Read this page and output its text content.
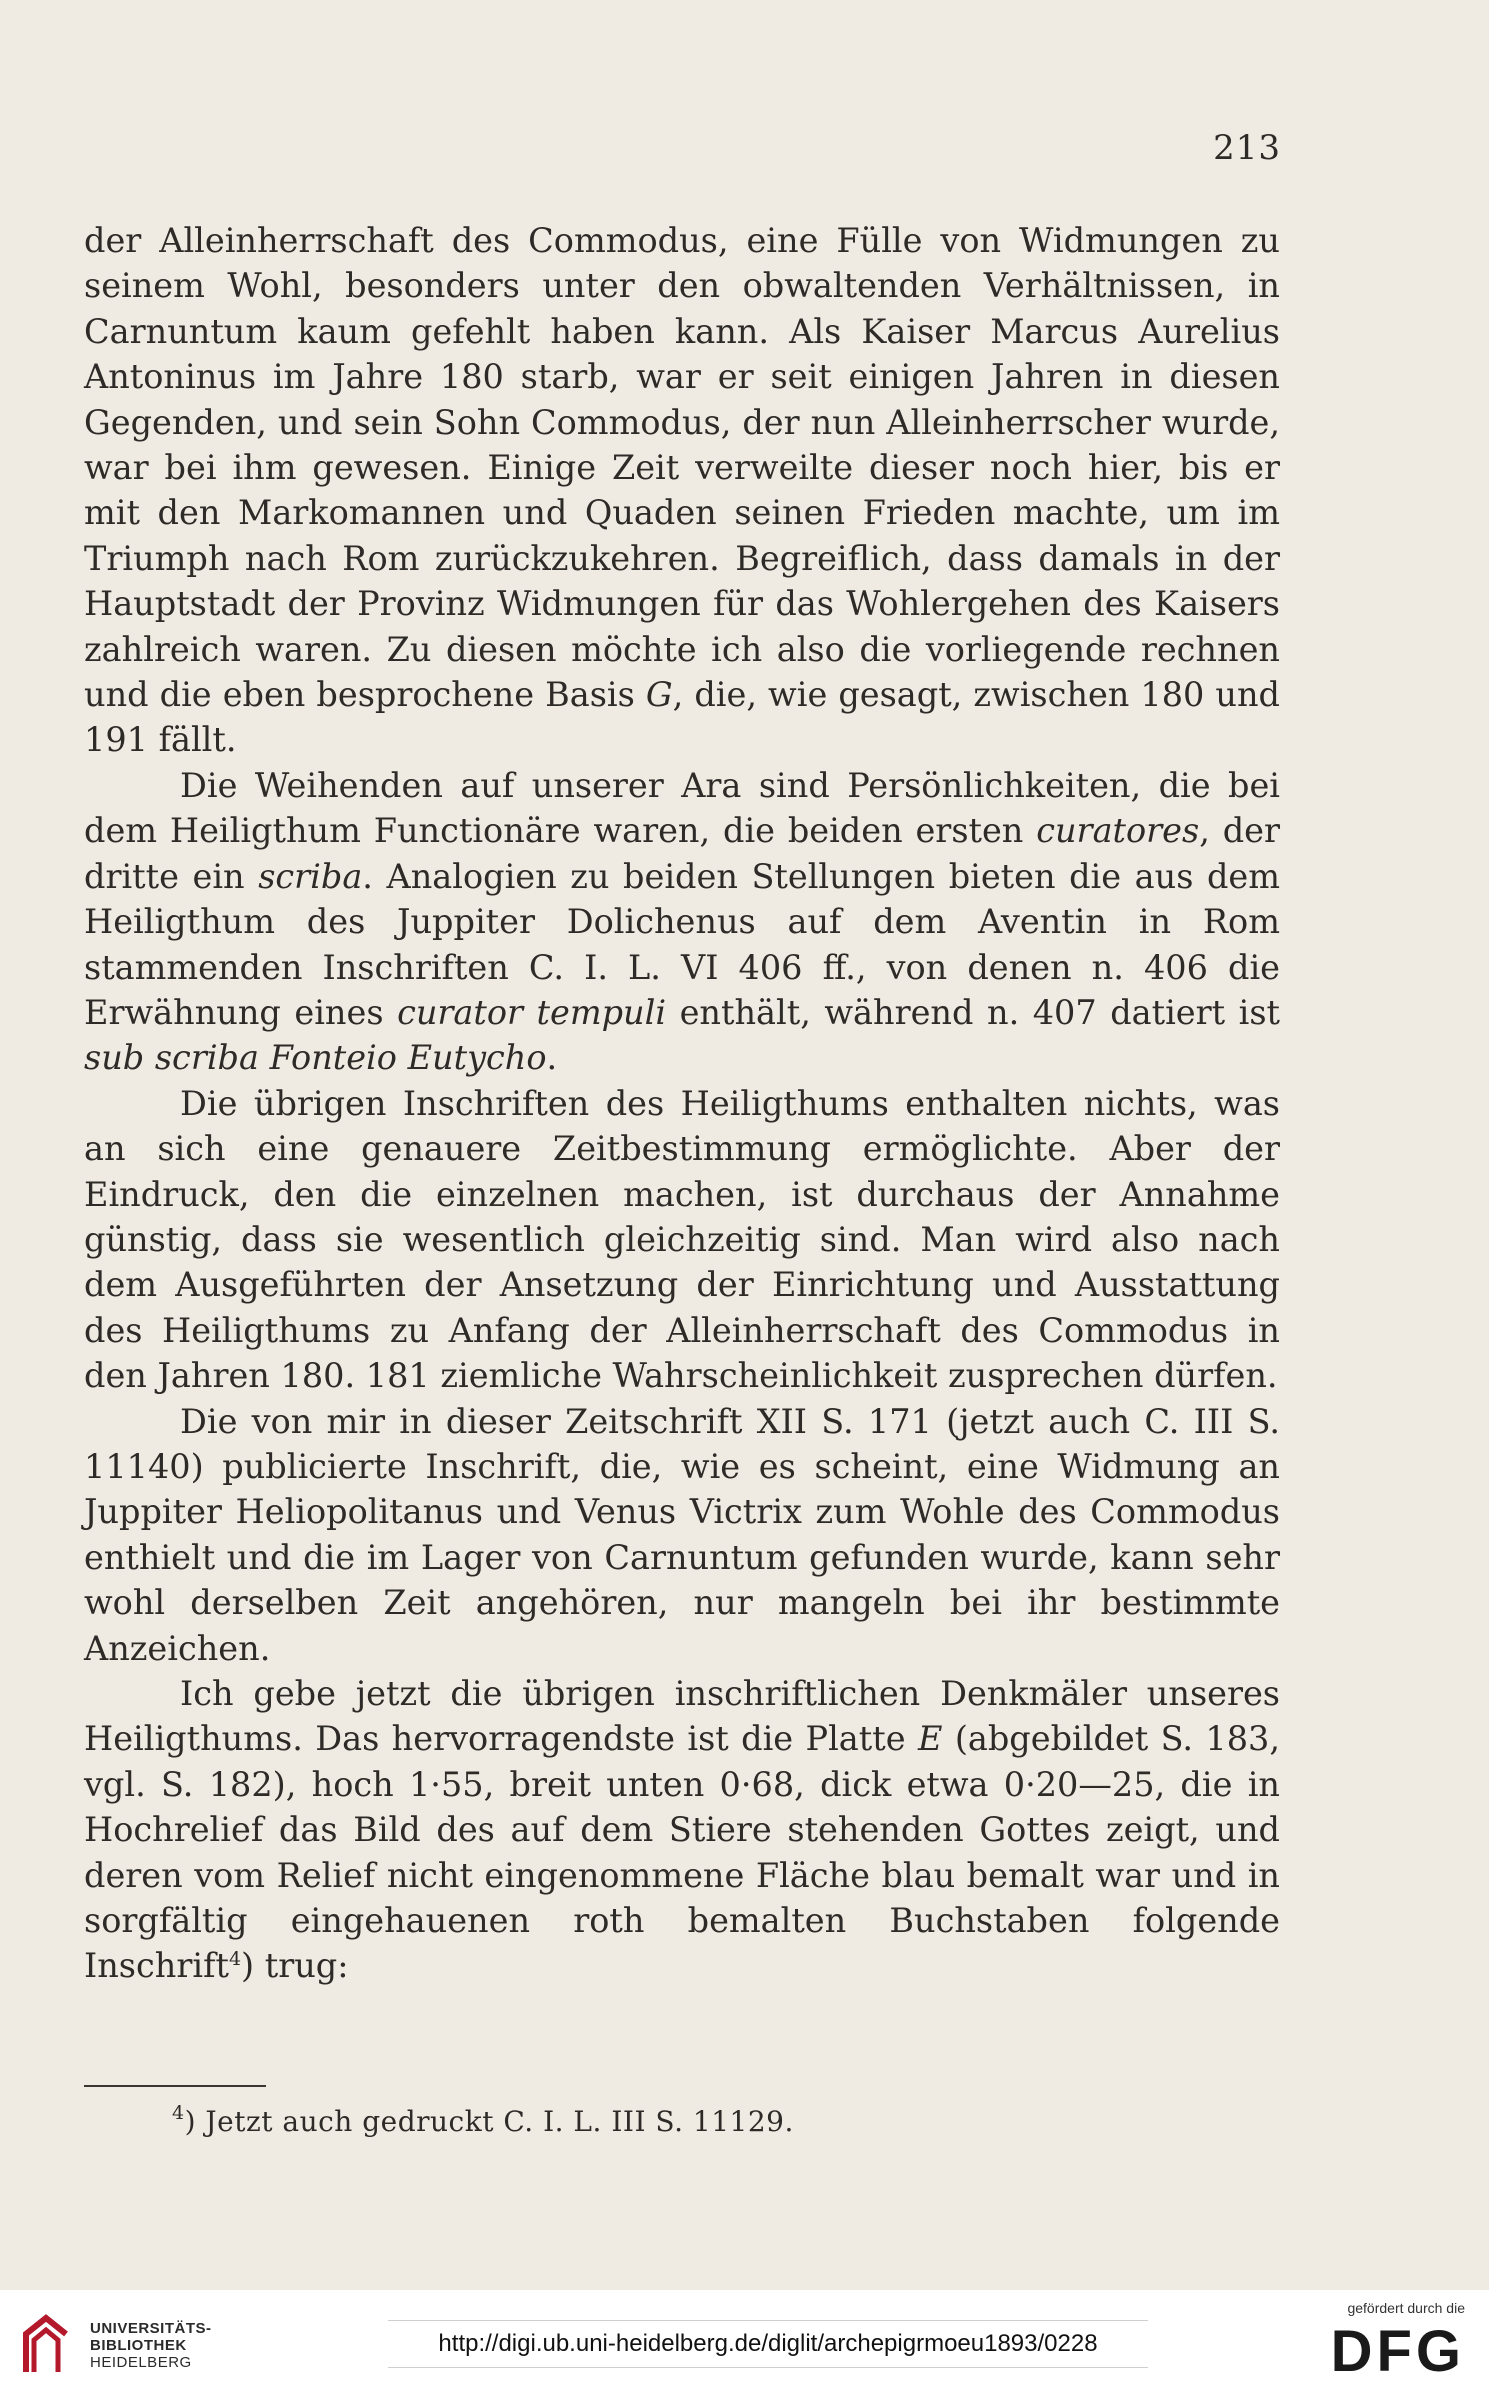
213

der Alleinherrschaft des Commodus, eine Fülle von Widmungen zu seinem Wohl, besonders unter den obwaltenden Verhältnissen, in Carnuntum kaum gefehlt haben kann. Als Kaiser Marcus Aurelius Antoninus im Jahre 180 starb, war er seit einigen Jahren in diesen Gegenden, und sein Sohn Commodus, der nun Alleinherrscher wurde, war bei ihm gewesen. Einige Zeit verweilte dieser noch hier, bis er mit den Markomannen und Quaden seinen Frieden machte, um im Triumph nach Rom zurückzukehren. Begreiflich, dass damals in der Hauptstadt der Provinz Widmungen für das Wohlergehen des Kaisers zahlreich waren. Zu diesen möchte ich also die vorliegende rechnen und die eben besprochene Basis G, die, wie gesagt, zwischen 180 und 191 fällt.

Die Weihenden auf unserer Ara sind Persönlichkeiten, die bei dem Heiligthum Functionäre waren, die beiden ersten curatores, der dritte ein scriba. Analogien zu beiden Stellungen bieten die aus dem Heiligthum des Juppiter Dolichenus auf dem Aventin in Rom stammenden Inschriften C. I. L. VI 406 ff., von denen n. 406 die Erwähnung eines curator tempuli enthält, während n. 407 datiert ist sub scriba Fonteio Eutycho.

Die übrigen Inschriften des Heiligthums enthalten nichts, was an sich eine genauere Zeitbestimmung ermöglichte. Aber der Eindruck, den die einzelnen machen, ist durchaus der Annahme günstig, dass sie wesentlich gleichzeitig sind. Man wird also nach dem Ausgeführten der Ansetzung der Einrichtung und Ausstattung des Heiligthums zu Anfang der Alleinherrschaft des Commodus in den Jahren 180. 181 ziemliche Wahrscheinlichkeit zusprechen dürfen.

Die von mir in dieser Zeitschrift XII S. 171 (jetzt auch C. III S. 11140) publicierte Inschrift, die, wie es scheint, eine Widmung an Juppiter Heliopolitanus und Venus Victrix zum Wohle des Commodus enthielt und die im Lager von Carnuntum gefunden wurde, kann sehr wohl derselben Zeit angehören, nur mangeln bei ihr bestimmte Anzeichen.

Ich gebe jetzt die übrigen inschriftlichen Denkmäler unseres Heiligthums. Das hervorragendste ist die Platte E (abgebildet S. 183, vgl. S. 182), hoch 1·55, breit unten 0·68, dick etwa 0·20—25, die in Hochrelief das Bild des auf dem Stiere stehenden Gottes zeigt, und deren vom Relief nicht eingenommene Fläche blau bemalt war und in sorgfältig eingehauenen roth bemalten Buchstaben folgende Inschrift$^4$) trug:

$^4$) Jetzt auch gedruckt C. I. L. III S. 11129.
UNIVERSITÄTS-
BIBLIOTHEK
HEIDELBERG
http://digi.ub.uni-heidelberg.de/diglit/archepigrmoeu1893/0228
gefördert durch die
DFG
